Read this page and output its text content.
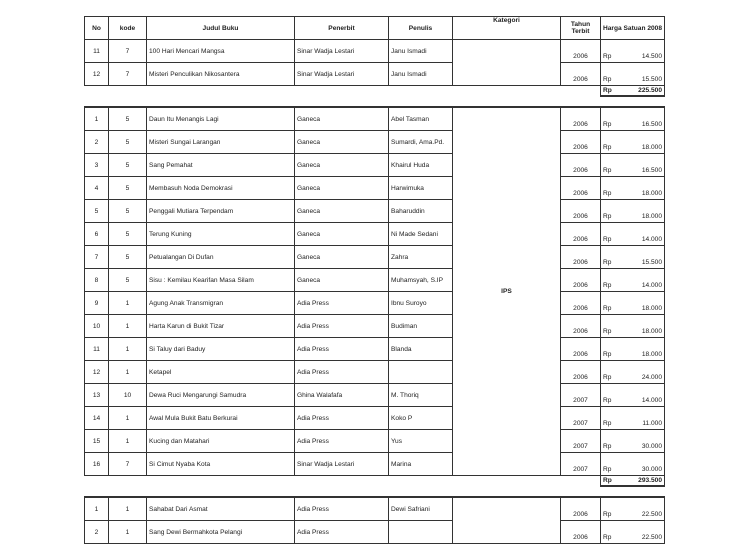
No	kode	Judul Buku	Penerbit	Penulis	Kategori	Tahun Terbit	Harga Satuan 2008	
11	7	100 Hari Mencari Mangsa	Sinar Wadja Lestari	Janu Ismadi		2006	Rp	14.500
12	7	Misteri Penculikan Nikosantera	Sinar Wadja Lestari	Janu Ismadi		2006	Rp	15.500
							Rp	225.500

1	5	Daun Itu Menangis Lagi	Ganeca	Abel Tasman	IPS	2006	Rp	16.500
2	5	Misteri Sungai Larangan	Ganeca	Sumardi, Ama.Pd.		2006	Rp	18.000
3	5	Sang Pemahat	Ganeca	Khairul Huda		2006	Rp	16.500
4	5	Membasuh Noda Demokrasi	Ganeca	Harwimuka		2006	Rp	18.000
5	5	Penggali Mutiara Terpendam	Ganeca	Baharuddin		2006	Rp	18.000
6	5	Terung Kuning	Ganeca	Ni Made Sedani		2006	Rp	14.000
7	5	Petualangan Di Dufan	Ganeca	Zahra		2006	Rp	15.500
8	5	Sisu : Kemilau Kearifan Masa Silam	Ganeca	Muhamsyah, S.IP		2006	Rp	14.000
9	1	Agung Anak Transmigran	Adia Press	Ibnu Suroyo		2006	Rp	18.000
10	1	Harta Karun di Bukit Tizar	Adia Press	Budiman		2006	Rp	18.000
11	1	Si Taluy dari Baduy	Adia Press	Blanda		2006	Rp	18.000
12	1	Ketapel	Adia Press			2006	Rp	24.000
13	10	Dewa Ruci Mengarungi Samudra	Ghina Walafafa	M. Thoriq		2007	Rp	14.000
14	1	Awal Mula Bukit Batu Berkurai	Adia Press	Koko P		2007	Rp	11.000
15	1	Kucing dan Matahari	Adia Press	Yus		2007	Rp	30.000
16	7	Si Cimut Nyaba Kota	Sinar Wadja Lestari	Marina		2007	Rp	30.000
							Rp	293.500

1	1	Sahabat Dari Asmat	Adia Press	Dewi Safriani		2006	Rp	22.500
2	1	Sang Dewi Bermahkota Pelangi	Adia Press			2006	Rp	22.500
